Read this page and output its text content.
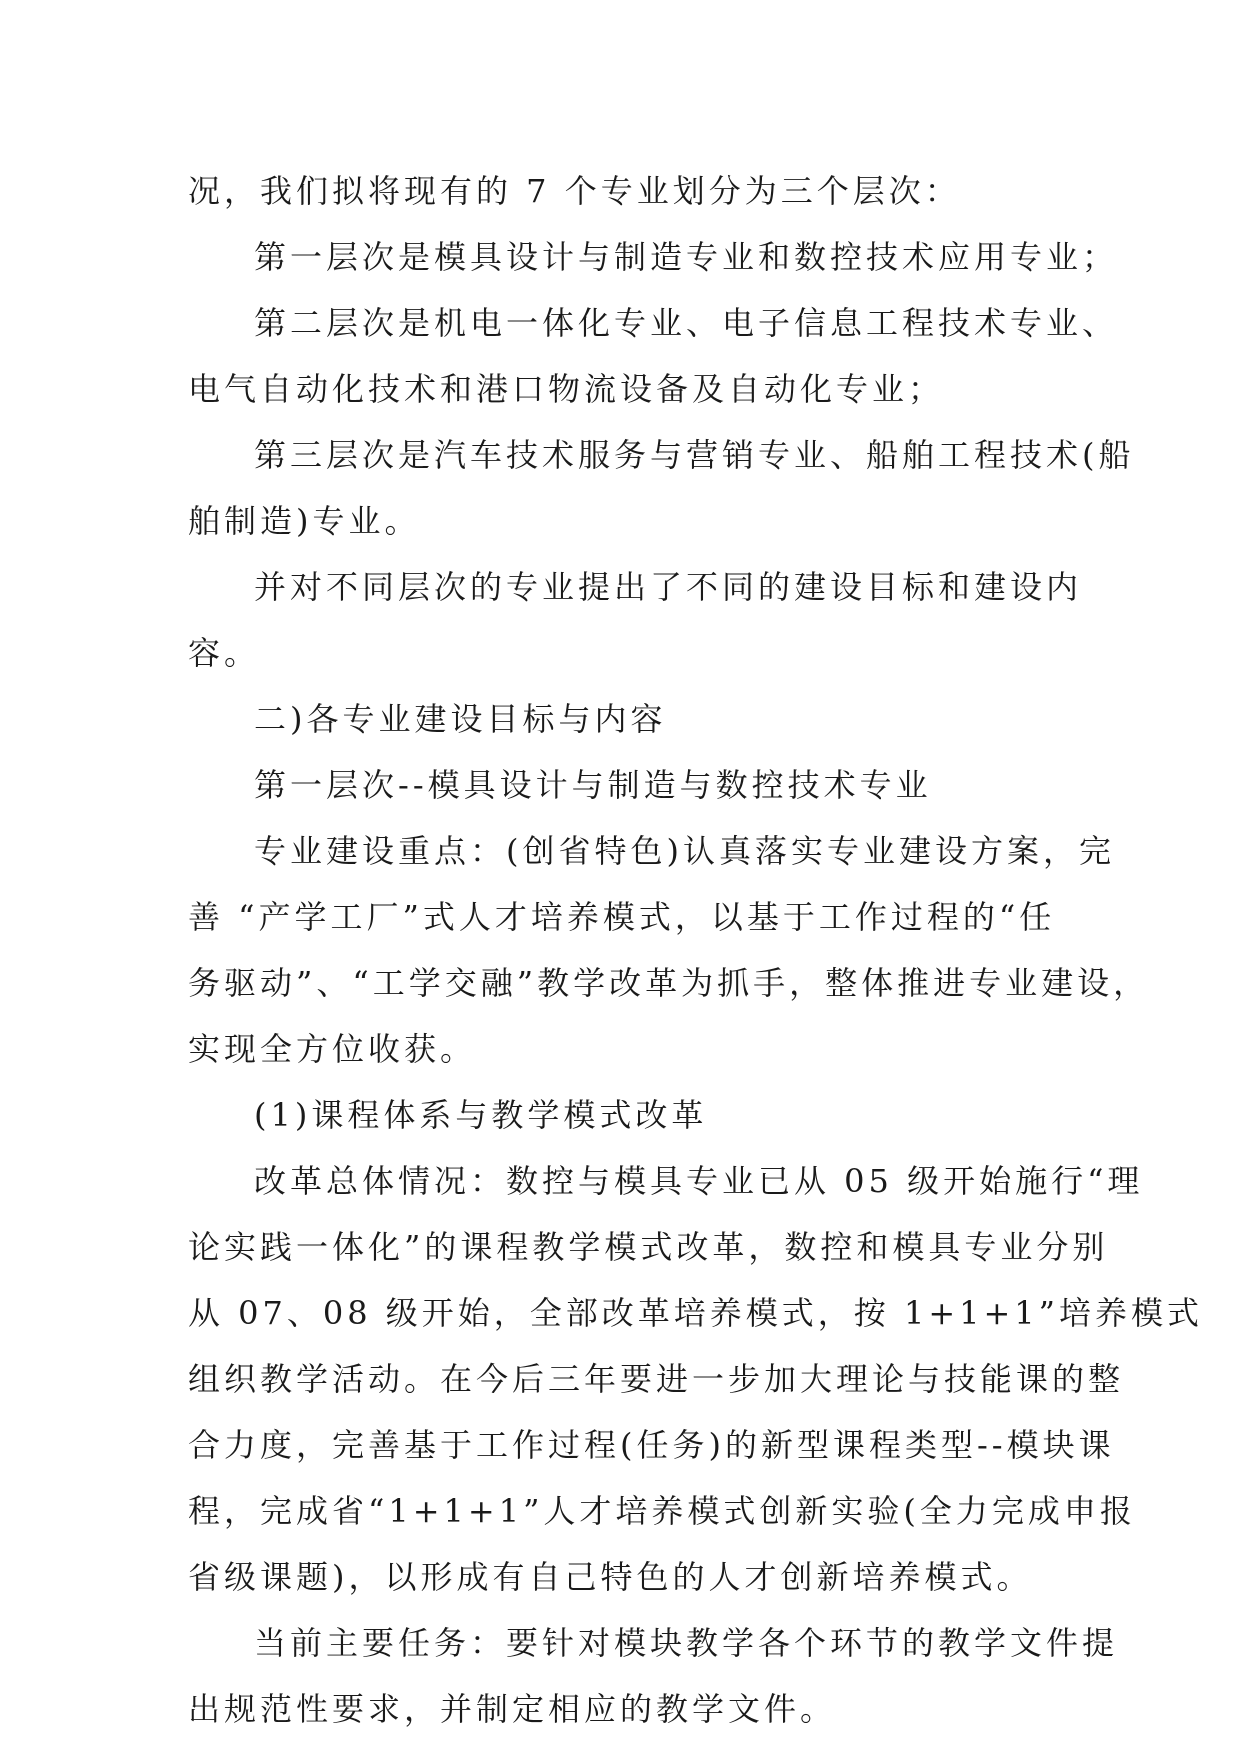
况，我们拟将现有的 7 个专业划分为三个层次：

第一层次是模具设计与制造专业和数控技术应用专业；

第二层次是机电一体化专业、电子信息工程技术专业、
电气自动化技术和港口物流设备及自动化专业；

第三层次是汽车技术服务与营销专业、船舶工程技术(船
舶制造)专业。

并对不同层次的专业提出了不同的建设目标和建设内
容。

二)各专业建设目标与内容

第一层次--模具设计与制造与数控技术专业

专业建设重点：(创省特色)认真落实专业建设方案，完
善 “产学工厂”式人才培养模式，以基于工作过程的“任
务驱动”、“工学交融”教学改革为抓手，整体推进专业建设，
实现全方位收获。

(1)课程体系与教学模式改革

改革总体情况：数控与模具专业已从 05 级开始施行“理
论实践一体化”的课程教学模式改革，数控和模具专业分别
从 07、08 级开始，全部改革培养模式，按 1+1+1”培养模式
组织教学活动。在今后三年要进一步加大理论与技能课的整
合力度，完善基于工作过程(任务)的新型课程类型--模块课
程，完成省“1+1+1”人才培养模式创新实验(全力完成申报
省级课题)，以形成有自己特色的人才创新培养模式。

当前主要任务：要针对模块教学各个环节的教学文件提
出规范性要求，并制定相应的教学文件。
